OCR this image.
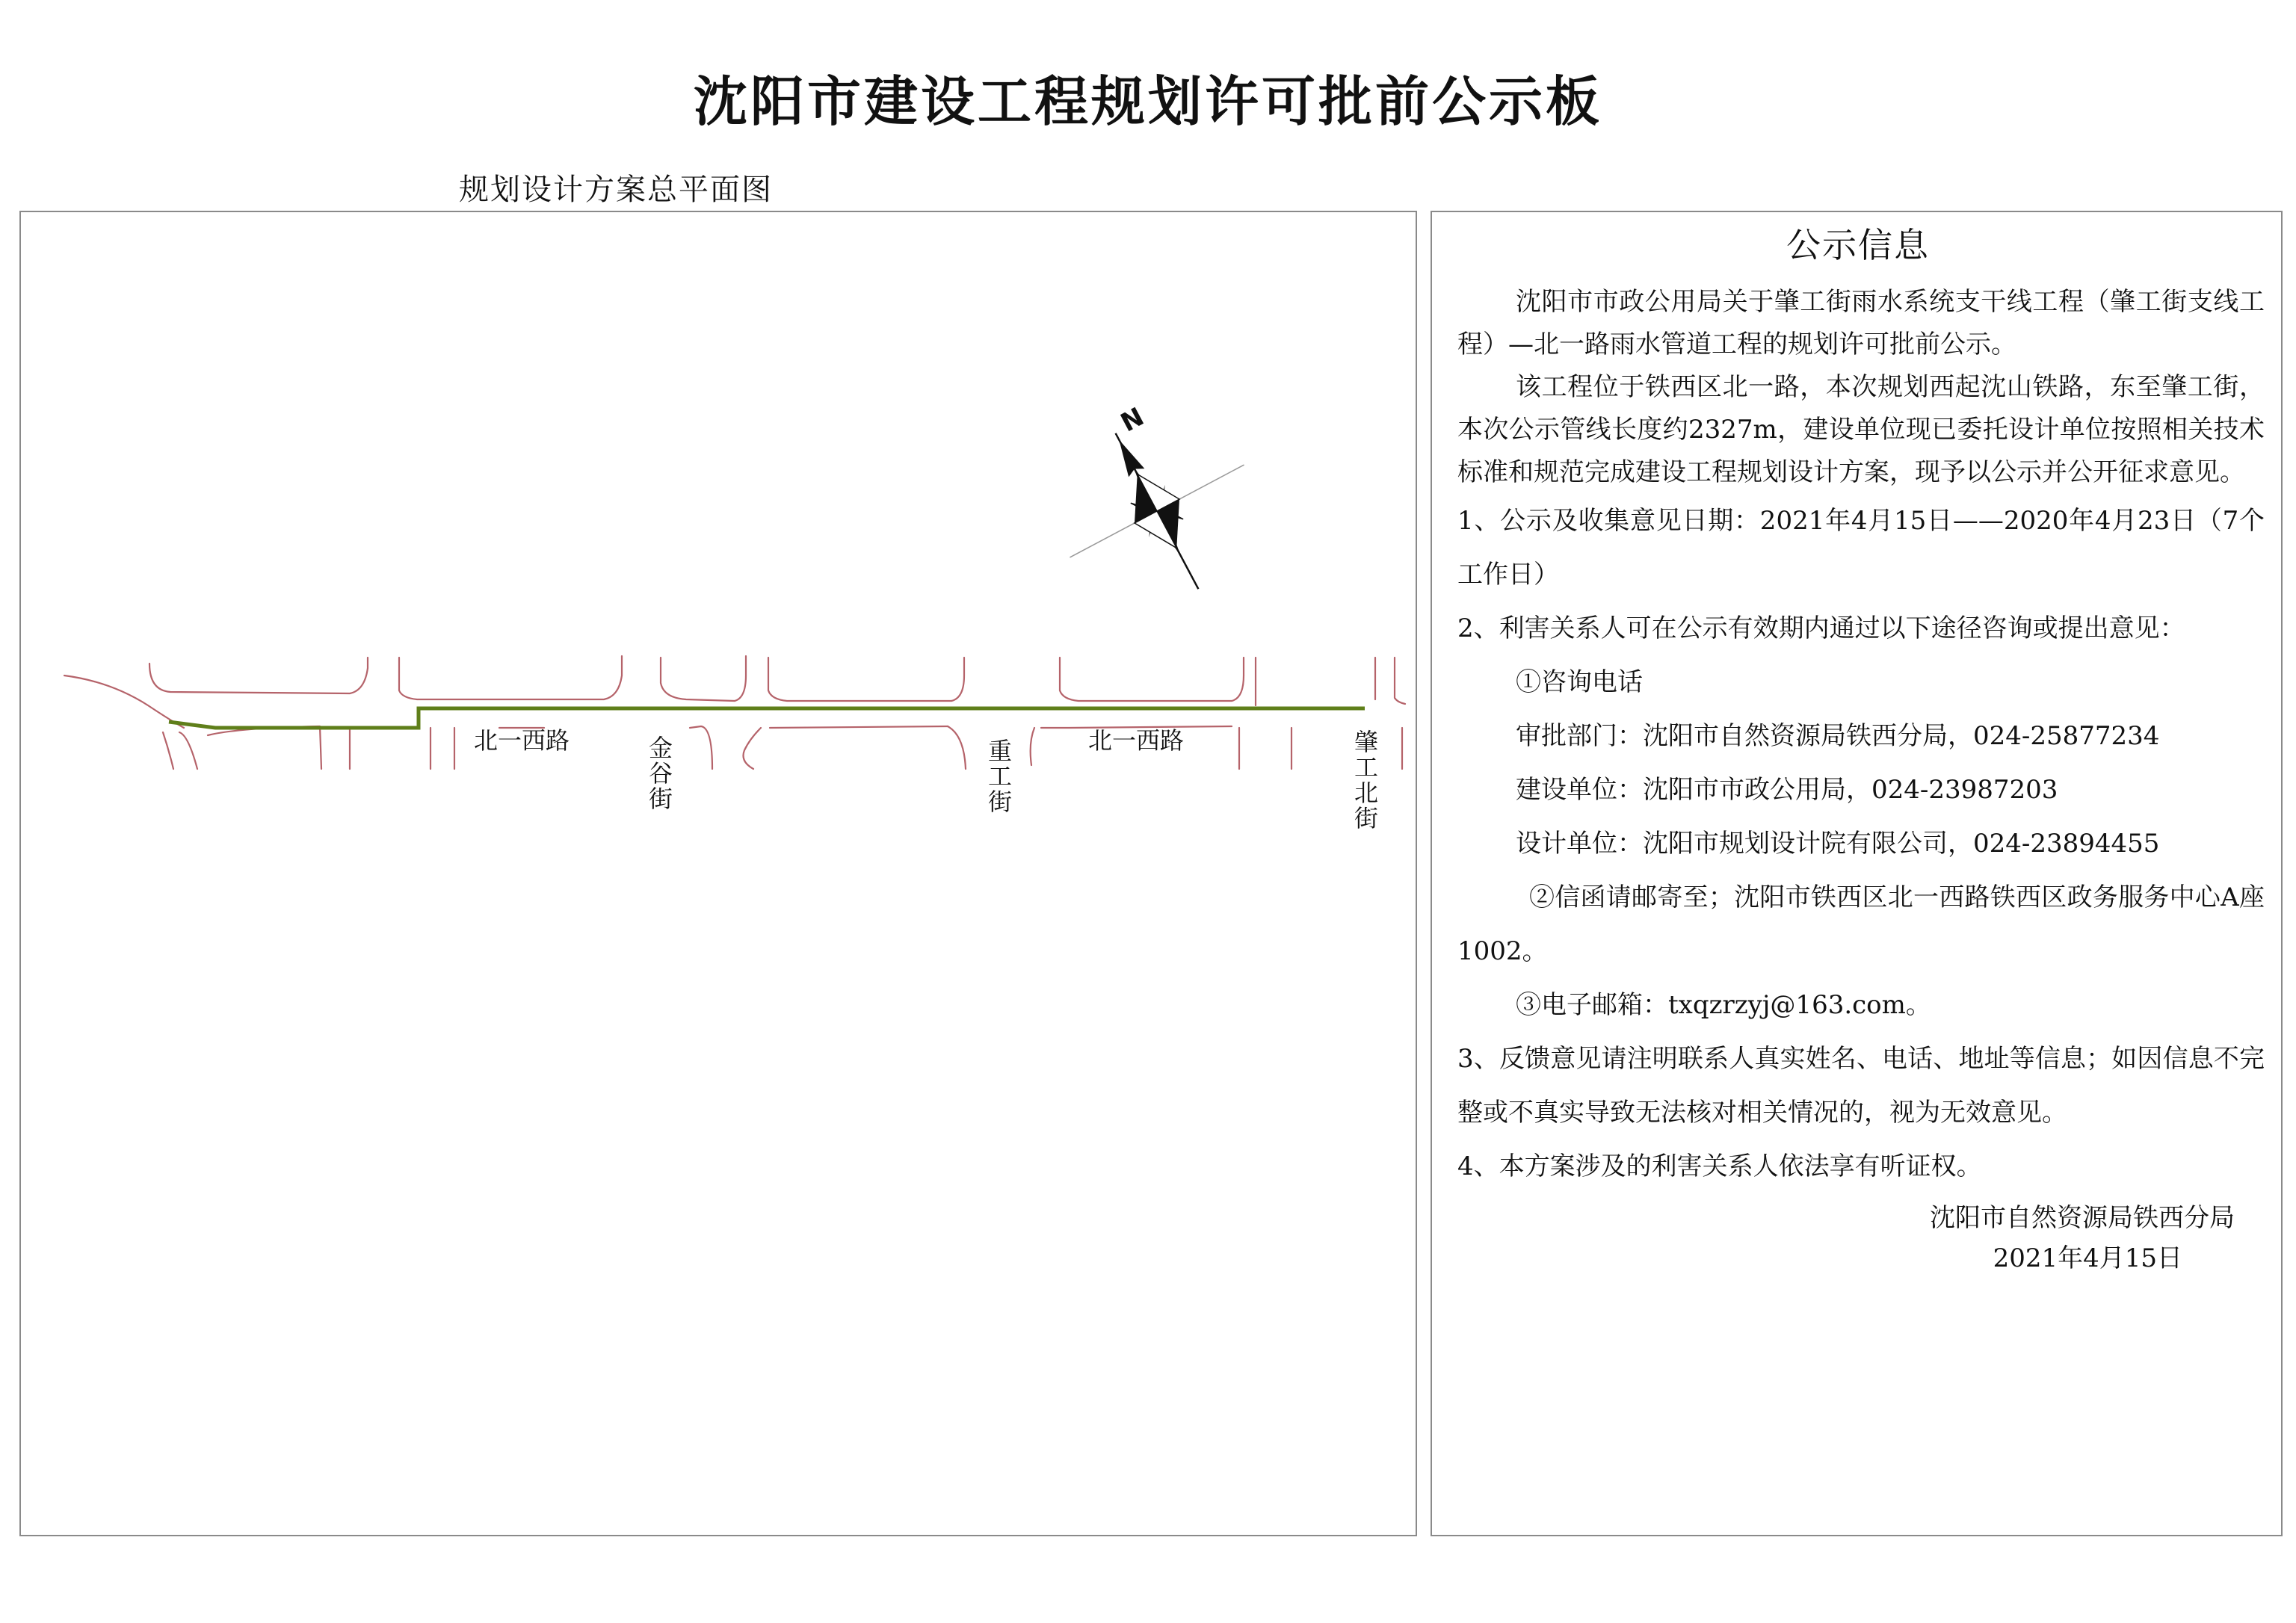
沈阳市建设工程规划许可批前公示板
规划设计方案总平面图
N
北一西路	北一西路
金谷街	重工街	肇工北街
公示信息

沈阳市市政公用局关于肇工街雨水系统支干线工程（肇工街支线工程）—北一路雨水管道工程的规划许可批前公示。

该工程位于铁西区北一路，本次规划西起沈山铁路，东至肇工街，本次公示管线长度约2327m，建设单位现已委托设计单位按照相关技术标准和规范完成建设工程规划设计方案，现予以公示并公开征求意见。

1、公示及收集意见日期：2021年4月15日——2020年4月23日（7个工作日）

2、利害关系人可在公示有效期内通过以下途径咨询或提出意见：

①咨询电话

审批部门：沈阳市自然资源局铁西分局，024-25877234

建设单位：沈阳市市政公用局，024-23987203

设计单位：沈阳市规划设计院有限公司，024-23894455

②信函请邮寄至；沈阳市铁西区北一西路铁西区政务服务中心A座1002。

③电子邮箱：txqzrzyj@163.com。

3、反馈意见请注明联系人真实姓名、电话、地址等信息；如因信息不完整或不真实导致无法核对相关情况的，视为无效意见。

4、本方案涉及的利害关系人依法享有听证权。

沈阳市自然资源局铁西分局

2021年4月15日
